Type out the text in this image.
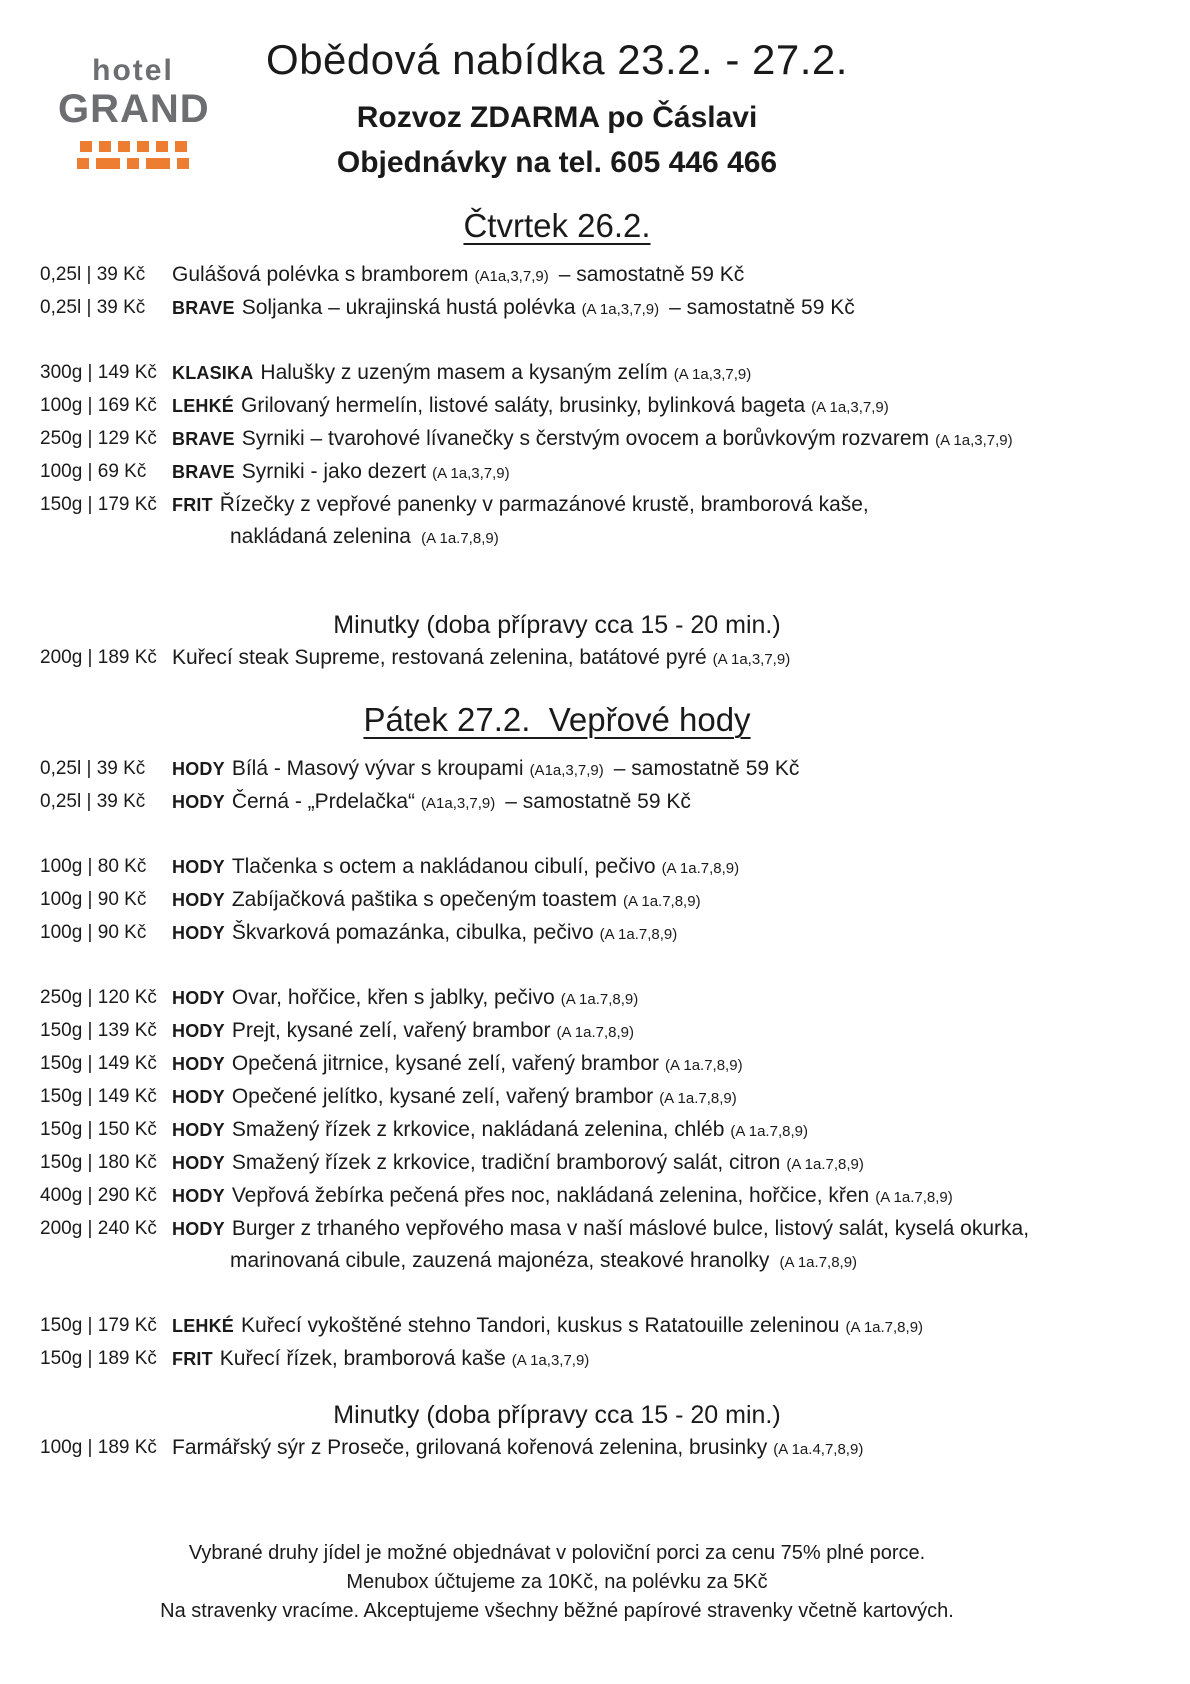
hotel
GRAND
Obědová nabídka 23.2. - 27.2.
Rozvoz ZDARMA po Čáslavi
Objednávky na tel. 605 446 466
Čtvrtek 26.2.
0,25l | 39 Kč	Gulášová polévka s bramborem (A1a,3,7,9) – samostatně 59 Kč
0,25l | 39 Kč	BRAVE Soljanka – ukrajinská hustá polévka (A 1a,3,7,9) – samostatně 59 Kč
300g | 149 Kč KLASIKA Halušky z uzeným masem a kysaným zelím (A 1a,3,7,9)
100g | 169 Kč LEHKÉ Grilovaný hermelín, listové saláty, brusinky, bylinková bageta (A 1a,3,7,9)
250g | 129 Kč BRAVE Syrniki – tvarohové lívanečky s čerstvým ovocem a borůvkovým rozvarem (A 1a,3,7,9)
100g | 69 Kč	BRAVE Syrniki - jako dezert (A 1a,3,7,9)
150g | 179 Kč FRIT Řízečky z vepřové panenky v parmazánové krustě, bramborová kaše,
nakládaná zelenina (A 1a.7,8,9)
Minutky (doba přípravy cca 15 - 20 min.)
200g | 189 Kč Kuřecí steak Supreme, restovaná zelenina, batátové pyré (A 1a,3,7,9)
Pátek 27.2.  Vepřové hody
0,25l | 39 Kč	HODY Bílá - Masový vývar s kroupami (A1a,3,7,9) – samostatně 59 Kč
0,25l | 39 Kč	HODY Černá - „Prdelačka“ (A1a,3,7,9) – samostatně 59 Kč
100g | 80 Kč	HODY Tlačenka s octem a nakládanou cibulí, pečivo (A 1a.7,8,9)
100g | 90 Kč	HODY Zabíjačková paštika s opečeným toastem (A 1a.7,8,9)
100g | 90 Kč	HODY Škvarková pomazánka, cibulka, pečivo (A 1a.7,8,9)
250g | 120 Kč HODY Ovar, hořčice, křen s jablky, pečivo (A 1a.7,8,9)
150g | 139 Kč HODY Prejt, kysané zelí, vařený brambor (A 1a.7,8,9)
150g | 149 Kč HODY Opečená jitrnice, kysané zelí, vařený brambor (A 1a.7,8,9)
150g | 149 Kč HODY Opečené jelítko, kysané zelí, vařený brambor (A 1a.7,8,9)
150g | 150 Kč HODY Smažený řízek z krkovice, nakládaná zelenina, chléb (A 1a.7,8,9)
150g | 180 Kč HODY Smažený řízek z krkovice, tradiční bramborový salát, citron (A 1a.7,8,9)
400g | 290 Kč HODY Vepřová žebírka pečená přes noc, nakládaná zelenina, hořčice, křen (A 1a.7,8,9)
200g | 240 Kč HODY Burger z trhaného vepřového masa v naší máslové bulce, listový salát, kyselá okurka,
marinovaná cibule, zauzená majonéza, steakové hranolky (A 1a.7,8,9)
150g | 179 Kč LEHKÉ Kuřecí vykoštěné stehno Tandori, kuskus s Ratatouille zeleninou (A 1a.7,8,9)
150g | 189 Kč FRIT Kuřecí řízek, bramborová kaše (A 1a,3,7,9)
Minutky (doba přípravy cca 15 - 20 min.)
100g | 189 Kč Farmářský sýr z Proseče, grilovaná kořenová zelenina, brusinky (A 1a.4,7,8,9)
Vybrané druhy jídel je možné objednávat v poloviční porci za cenu 75% plné porce.
Menubox účtujeme za 10Kč, na polévku za 5Kč
Na stravenky vracíme. Akceptujeme všechny běžné papírové stravenky včetně kartových.
